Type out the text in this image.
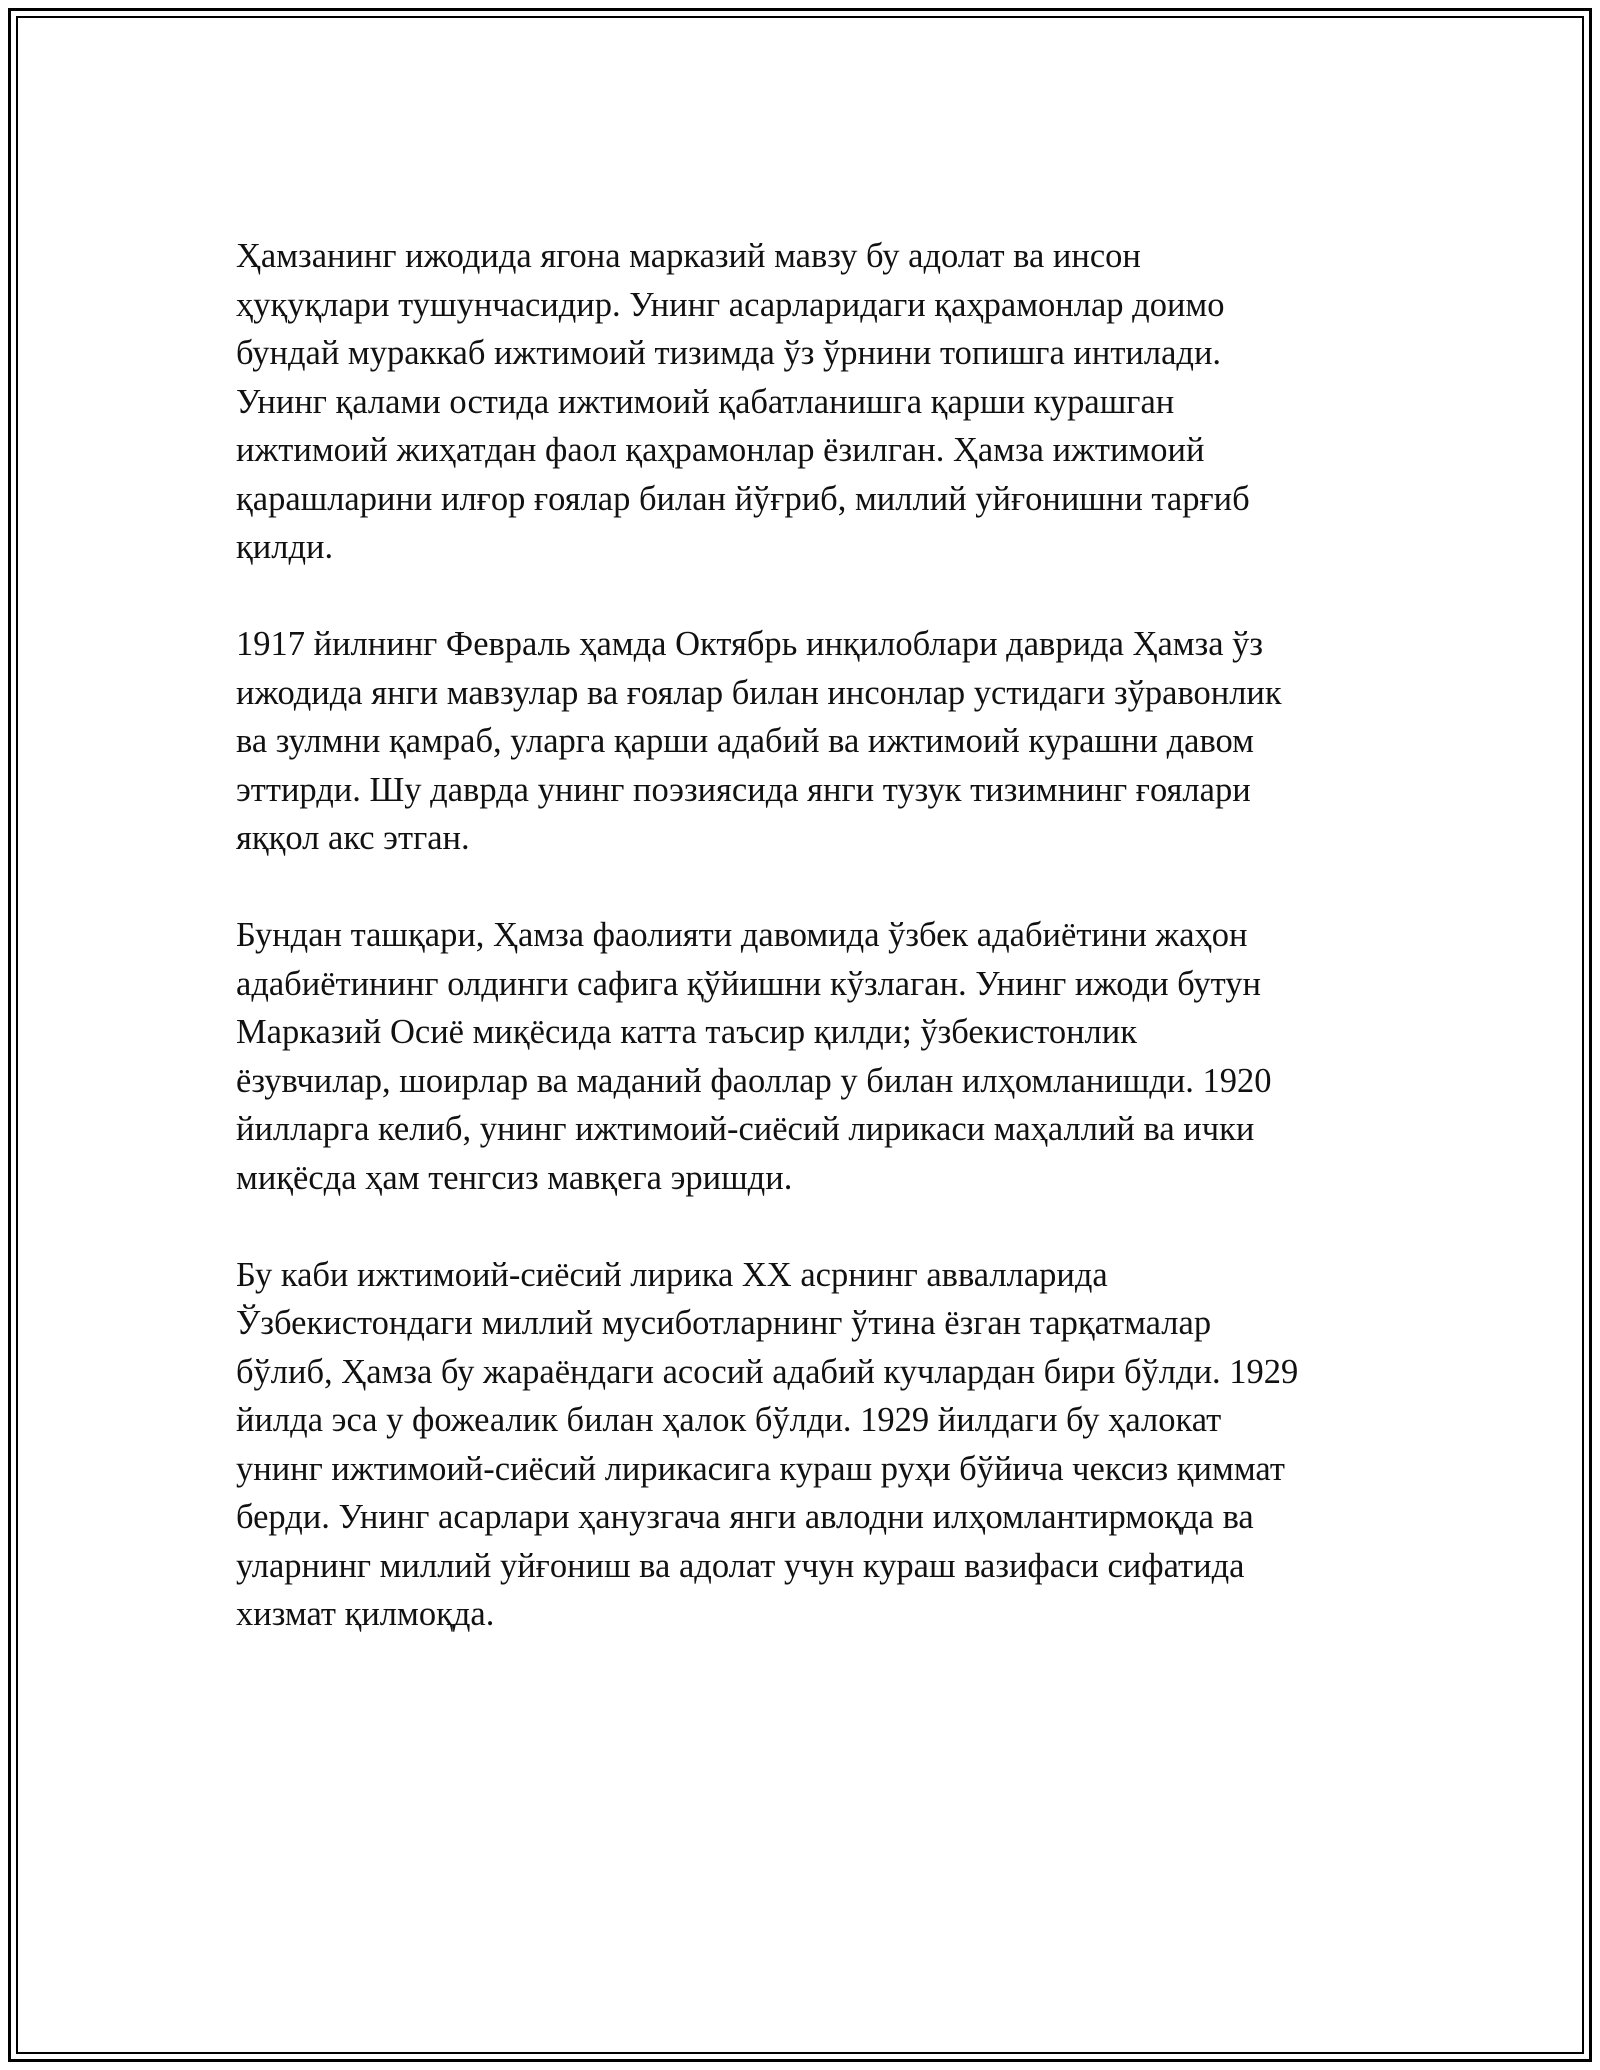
Ҳамзанинг ижодида ягона марказий мавзу бу адолат ва инсон
ҳуқуқлари тушунчасидир. Унинг асарларидаги қаҳрамонлар доимо
бундай мураккаб ижтимоий тизимда ўз ўрнини топишга интилади.
Унинг қалами остида ижтимоий қабатланишга қарши курашган
ижтимоий жиҳатдан фаол қаҳрамонлар ёзилган. Ҳамза ижтимоий
қарашларини илғор ғоялар билан йўғриб, миллий уйғонишни тарғиб
қилди.

1917 йилнинг Февраль ҳамда Октябрь инқилоблари даврида Ҳамза ўз
ижодида янги мавзулар ва ғоялар билан инсонлар устидаги зўравонлик
ва зулмни қамраб, уларга қарши адабий ва ижтимоий курашни давом
эттирди. Шу даврда унинг поэзиясида янги тузук тизимнинг ғоялари
яққол акс этган.

Бундан ташқари, Ҳамза фаолияти давомида ўзбек адабиётини жаҳон
адабиётининг олдинги сафига қўйишни кўзлаган. Унинг ижоди бутун
Марказий Осиё миқёсида катта таъсир қилди; ўзбекистонлик
ёзувчилар, шоирлар ва маданий фаоллар у билан илҳомланишди. 1920
йилларга келиб, унинг ижтимоий-сиёсий лирикаси маҳаллий ва ички
миқёсда ҳам тенгсиз мавқега эришди.

Бу каби ижтимоий-сиёсий лирика XX асрнинг аввалларида
Ўзбекистондаги миллий мусиботларнинг ўтина ёзган тарқатмалар
бўлиб, Ҳамза бу жараёндаги асосий адабий кучлардан бири бўлди. 1929
йилда эса у фожеалик билан ҳалок бўлди. 1929 йилдаги бу ҳалокат
унинг ижтимоий-сиёсий лирикасига кураш руҳи бўйича чексиз қиммат
берди. Унинг асарлари ҳанузгача янги авлодни илҳомлантирмоқда ва
уларнинг миллий уйғониш ва адолат учун кураш вазифаси сифатида
хизмат қилмоқда.
